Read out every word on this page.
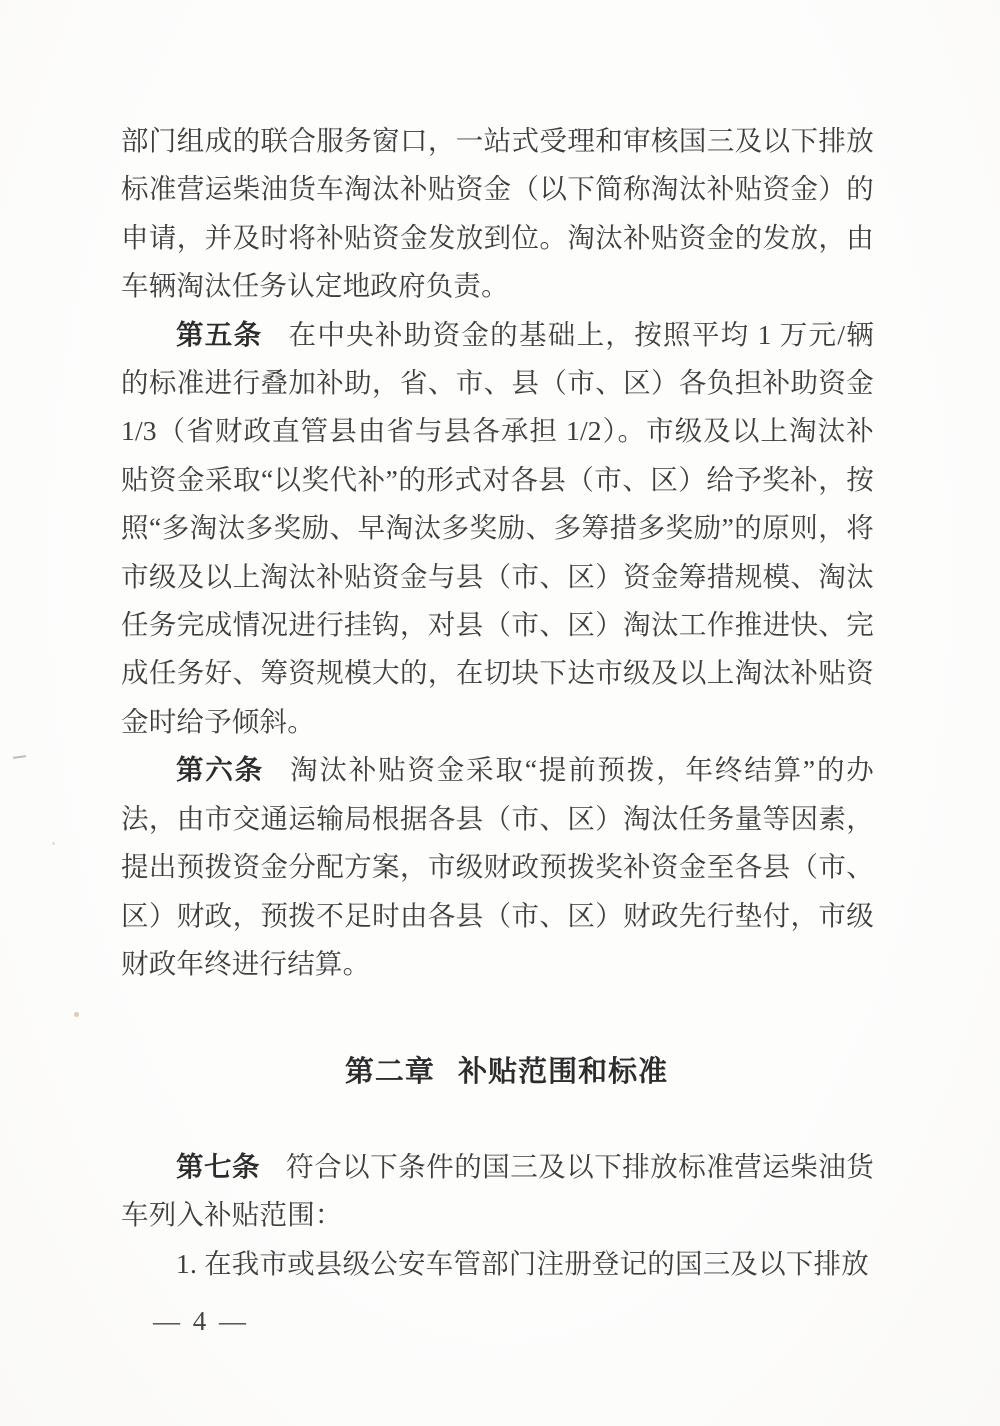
部门组成的联合服务窗口，一站式受理和审核国三及以下排放标准营运柴油货车淘汰补贴资金（以下简称淘汰补贴资金）的申请，并及时将补贴资金发放到位。淘汰补贴资金的发放，由车辆淘汰任务认定地政府负责。

第五条 在中央补助资金的基础上，按照平均 1 万元/辆的标准进行叠加补助，省、市、县（市、区）各负担补助资金 1/3（省财政直管县由省与县各承担 1/2）。市级及以上淘汰补贴资金采取“以奖代补”的形式对各县（市、区）给予奖补，按照“多淘汰多奖励、早淘汰多奖励、多筹措多奖励”的原则，将市级及以上淘汰补贴资金与县（市、区）资金筹措规模、淘汰任务完成情况进行挂钩，对县（市、区）淘汰工作推进快、完成任务好、筹资规模大的，在切块下达市级及以上淘汰补贴资金时给予倾斜。

第六条 淘汰补贴资金采取“提前预拨，年终结算”的办法，由市交通运输局根据各县（市、区）淘汰任务量等因素，提出预拨资金分配方案，市级财政预拨奖补资金至各县（市、区）财政，预拨不足时由各县（市、区）财政先行垫付，市级财政年终进行结算。

第二章 补贴范围和标准

第七条 符合以下条件的国三及以下排放标准营运柴油货车列入补贴范围：

1. 在我市或县级公安车管部门注册登记的国三及以下排放

— 4 —
